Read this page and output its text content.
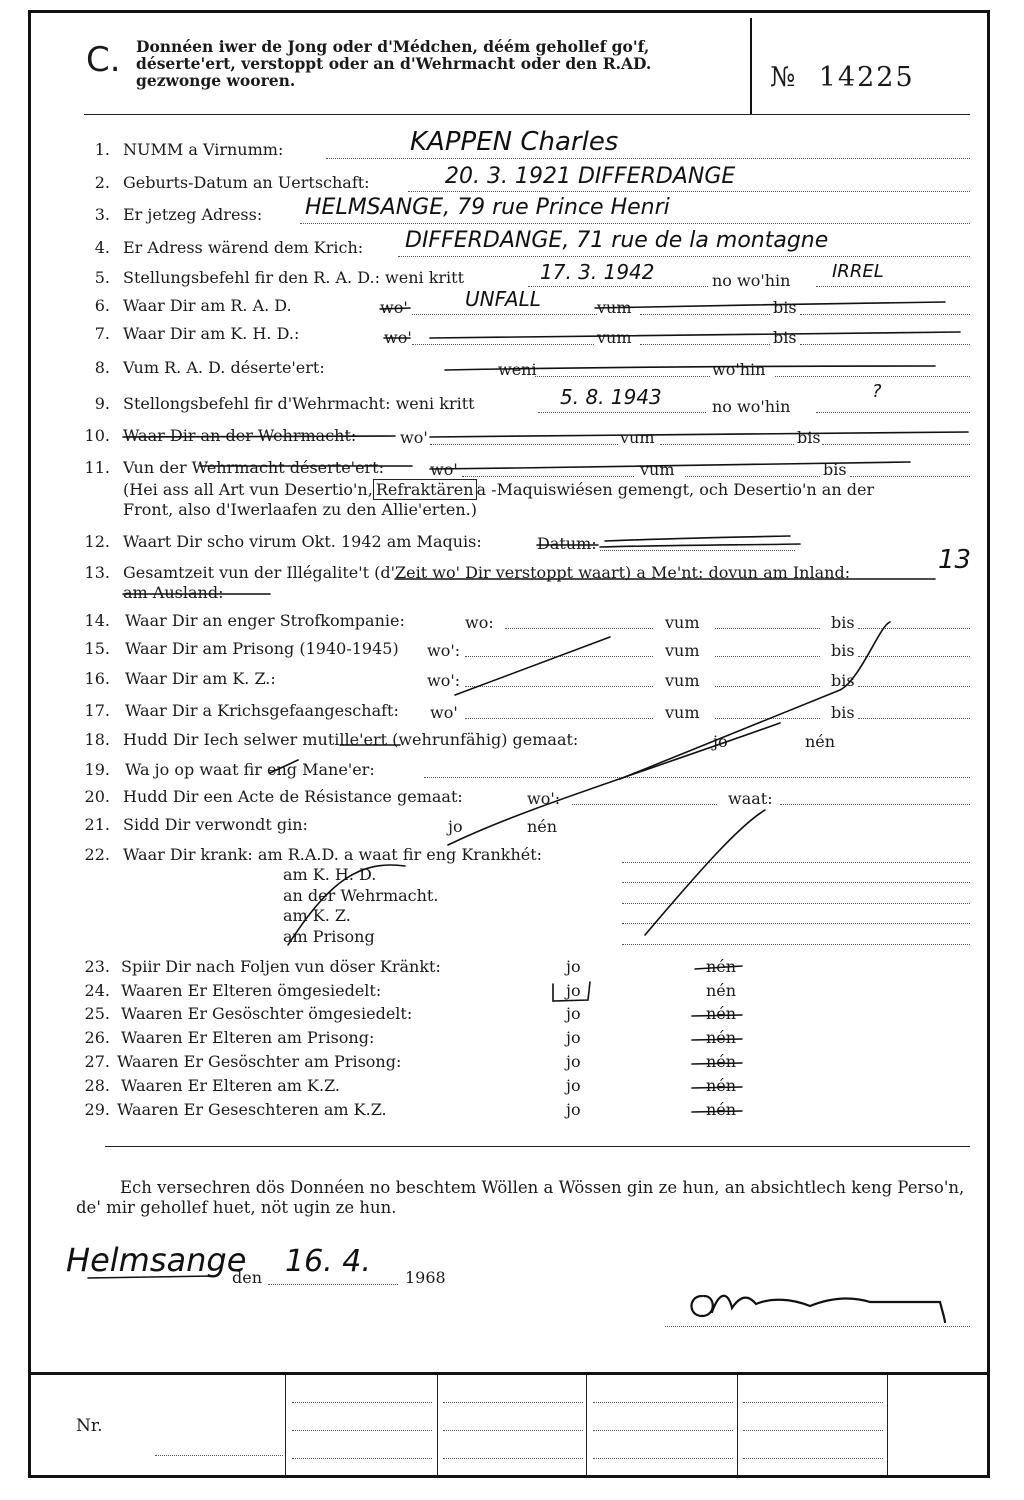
C. Donnéen iwer de Jong oder d'Médchen, déém gehollef go'f, déserte'ert, verstoppt oder an d'Wehrmacht oder den R.AD. gezwonge wooren.	№ 14225
1. NUMM a Virnumm:	KAPPEN Charles
2. Geburts-Datum an Uertschaft:	20. 3. 1921 DIFFERDANGE
3. Er jetzeg Adress: HELMSANGE, 79 rue Prince Henri
4. Er Adress wärend dem Krich: DIFFERDANGE, 71 rue de la montagne
5. Stellungsbefehl fir den R. A. D.: weni kritt	17. 3. 1942	no wo'hin IRREL
6. Waar Dir am R. A. D.	wo'	UNFALL	vum	bis
7. Waar Dir am K. H. D.:	wo'	vum	bis
8. Vum R. A. D. déserte'ert:	weni	wo'hin
9. Stellongsbefehl fir d'Wehrmacht: weni kritt	5. 8. 1943	no wo'hin
?
10. Waar Dir an der Wehrmacht:	wo'	vum	bis
11. Vun der Wehrmacht déserte'ert:	wo'	vum	bis
(Hei ass all Art vun Desertio'n, Refraktären a -Maquiswiésen gemengt, och Desertio'n an der
Front, also d'Iwerlaafen zu den Allie'erten.)
12. Waart Dir scho virum Okt. 1942 am Maquis:	Datum:
13. Gesamtzeit vun der Illégalite't (d'Zeit wo' Dir verstoppt waart) a Me'nt: dovun am Inland:	13
am Ausland:
14. Waar Dir an enger Strofkompanie:	wo:	vum	bis
15. Waar Dir am Prisong (1940-1945) wo':	vum	bis
16. Waar Dir am K. Z.:	wo':	vum	bis
17. Waar Dir a Krichsgefaangeschaft: wo'	vum	bis
18. Hudd Dir Iech selwer mutille'ert (wehrunfähig) gemaat:	jo	nén
19. Wa jo op waat fir eng Mane'er:
20. Hudd Dir een Acte de Résistance gemaat:	wo':	waat:
21. Sidd Dir verwondt gin:	jo	nén
22. Waar Dir krank: am R.A.D. a waat fir eng Krankhét:
am K. H. D.
an der Wehrmacht.
am K. Z.
am Prisong
23. Spiir Dir nach Foljen vun döser Kränkt:	jo	nén
24. Waaren Er Elteren ömgesiedelt:	jo	nén
25. Waaren Er Gesöschter ömgesiedelt:	jo	nén
26. Waaren Er Elteren am Prisong:	jo	nén
27. Waaren Er Gesöschter am Prisong:	jo	nén
28. Waaren Er Elteren am K.Z.	jo	nén
29. Waaren Er Geseschteren am K.Z.	jo	nén
Ech versechren dös Donnéen no beschtem Wöllen a Wössen gin ze hun, an absichtlech keng Perso'n, de' mir gehollef huet, nöt ugin ze hun.
Helmsange
den 16. 4. 1968
Nr.
